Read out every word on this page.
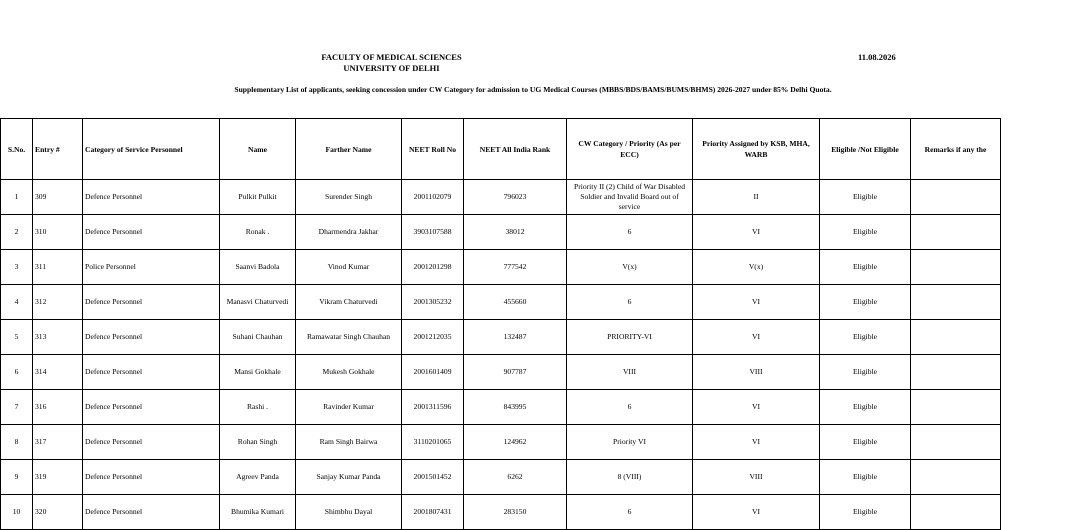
FACULTY OF MEDICAL SCIENCES
UNIVERSITY OF DELHI
11.08.2026
Supplementary List of applicants, seeking concession under CW Category for admission to UG Medical Courses (MBBS/BDS/BAMS/BUMS/BHMS) 2026-2027 under 85% Delhi Quota.
S.No.	Entry #	Category of Service Personnel	Name	Farther Name	NEET Roll No	NEET All India Rank	CW Category / Priority (As per ECC)	Priority Assigned by KSB, MHA, WARB	Eligible /Not Eligible	Remarks if any the
1	309	Defence Personnel	Pulkit Pulkit	Surender Singh	2001102079	796023	Priority II (2) Child of War Disabled Soldier and Invalid Board out of service	II	Eligible	
2	310	Defence Personnel	Ronak .	Dharmendra Jakhar	3903107588	38012	6	VI	Eligible	
3	311	Police Personnel	Saanvi Badola	Vinod Kumar	2001201298	777542	V(x)	V(x)	Eligible	
4	312	Defence Personnel	Manasvi Chaturvedi	Vikram Chaturvedi	2001305232	455660	6	VI	Eligible	
5	313	Defence Personnel	Suhani Chauhan	Ramawatar Singh Chauhan	2001212035	132487	PRIORITY-VI	VI	Eligible	
6	314	Defence Personnel	Mansi Gokhale	Mukesh Gokhale	2001601409	907787	VIII	VIII	Eligible	
7	316	Defence Personnel	Rashi .	Ravinder Kumar	2001311596	843995	6	VI	Eligible	
8	317	Defence Personnel	Rohan Singh	Ram Singh Bairwa	3110201065	124962	Priority VI	VI	Eligible	
9	319	Defence Personnel	Agreev Panda	Sanjay Kumar Panda	2001501452	6262	8 (VIII)	VIII	Eligible	
10	320	Defence Personnel	Bhumika Kumari	Shimbhu Dayal	2001807431	283150	6	VI	Eligible	
